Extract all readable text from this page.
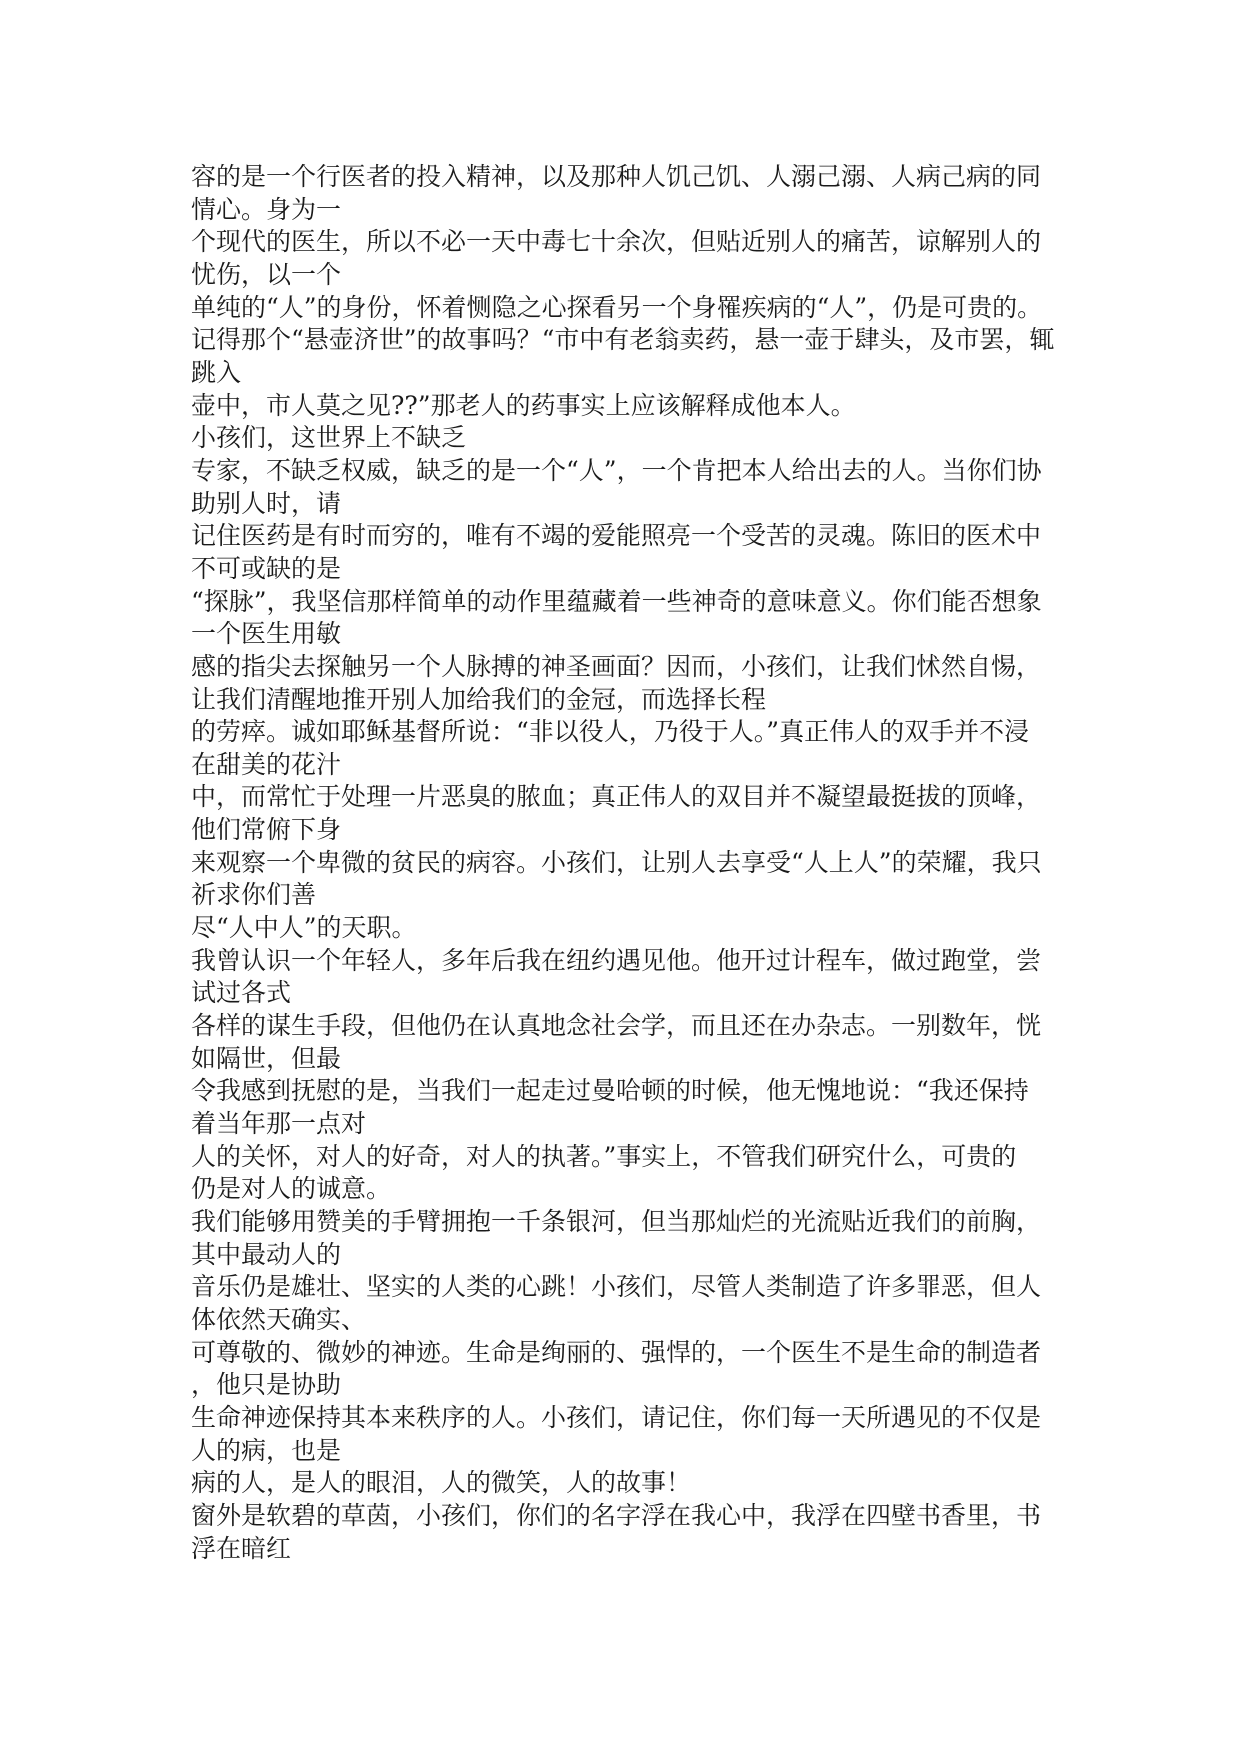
容的是一个行医者的投入精神，以及那种人饥己饥、人溺己溺、人病己病的同
情心。身为一
个现代的医生，所以不必一天中毒七十余次，但贴近别人的痛苦，谅解别人的
忧伤，以一个
单纯的“人”的身份，怀着恻隐之心探看另一个身罹疾病的“人”，仍是可贵的。
记得那个“悬壶济世”的故事吗？“市中有老翁卖药，悬一壶于肆头，及市罢，辄
跳入
壶中，市人莫之见??”那老人的药事实上应该解释成他本人。
小孩们，这世界上不缺乏
专家，不缺乏权威，缺乏的是一个“人”，一个肯把本人给出去的人。当你们协
助别人时，请
记住医药是有时而穷的，唯有不竭的爱能照亮一个受苦的灵魂。陈旧的医术中
不可或缺的是
“探脉”，我坚信那样简单的动作里蕴藏着一些神奇的意味意义。你们能否想象
一个医生用敏
感的指尖去探触另一个人脉搏的神圣画面？因而，小孩们，让我们怵然自惕，
让我们清醒地推开别人加给我们的金冠，而选择长程
的劳瘁。诚如耶稣基督所说：“非以役人，乃役于人。”真正伟人的双手并不浸
在甜美的花汁
中，而常忙于处理一片恶臭的脓血；真正伟人的双目并不凝望最挺拔的顶峰，
他们常俯下身
来观察一个卑微的贫民的病容。小孩们，让别人去享受“人上人”的荣耀，我只
祈求你们善
尽“人中人”的天职。
我曾认识一个年轻人，多年后我在纽约遇见他。他开过计程车，做过跑堂，尝
试过各式
各样的谋生手段，但他仍在认真地念社会学，而且还在办杂志。一别数年，恍
如隔世，但最
令我感到抚慰的是，当我们一起走过曼哈顿的时候，他无愧地说：“我还保持
着当年那一点对
人的关怀，对人的好奇，对人的执著。”事实上，不管我们研究什么，可贵的
仍是对人的诚意。
我们能够用赞美的手臂拥抱一千条银河，但当那灿烂的光流贴近我们的前胸，
其中最动人的
音乐仍是雄壮、坚实的人类的心跳！小孩们，尽管人类制造了许多罪恶，但人
体依然天确实、
可尊敬的、微妙的神迹。生命是绚丽的、强悍的，一个医生不是生命的制造者
，他只是协助
生命神迹保持其本来秩序的人。小孩们，请记住，你们每一天所遇见的不仅是
人的病，也是
病的人，是人的眼泪，人的微笑，人的故事！
窗外是软碧的草茵，小孩们，你们的名字浮在我心中，我浮在四壁书香里，书
浮在暗红
